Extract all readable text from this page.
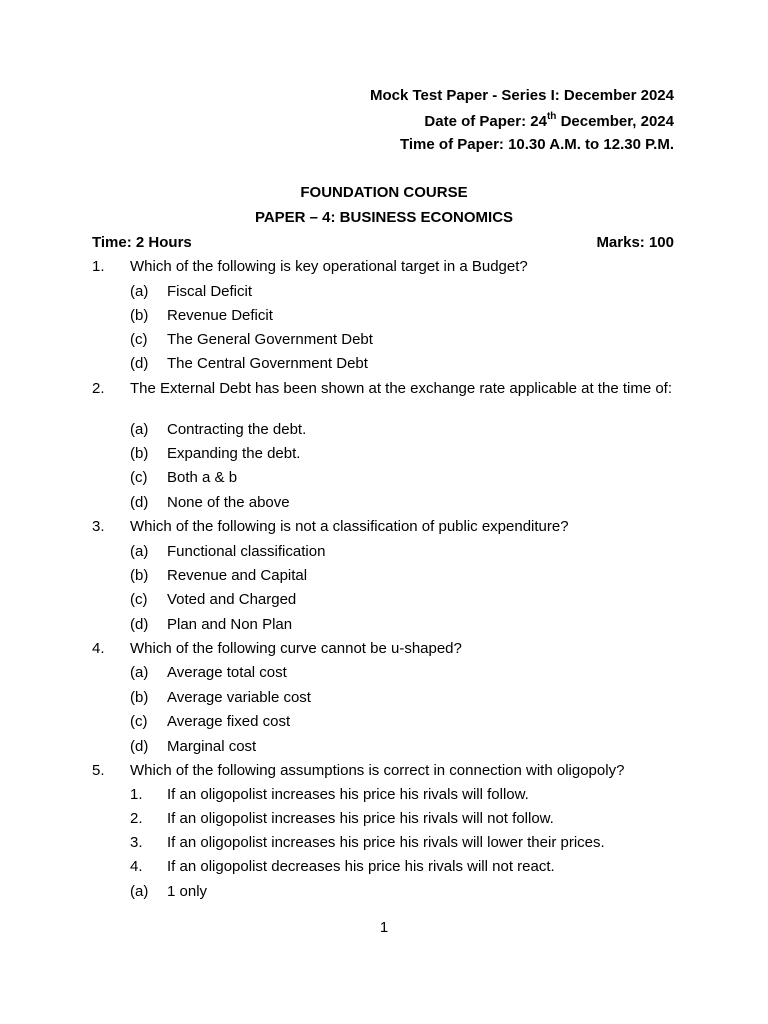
Mock Test Paper - Series I: December 2024
Date of Paper: 24th December, 2024
Time of Paper: 10.30 A.M. to 12.30 P.M.
FOUNDATION COURSE
PAPER – 4: BUSINESS ECONOMICS
Time: 2 Hours	Marks: 100
1. Which of the following is key operational target in a Budget?
(a) Fiscal Deficit
(b) Revenue Deficit
(c) The General Government Debt
(d) The Central Government Debt
2. The External Debt has been shown at the exchange rate applicable at the time of:
(a) Contracting the debt.
(b) Expanding the debt.
(c) Both a & b
(d) None of the above
3. Which of the following is not a classification of public expenditure?
(a) Functional classification
(b) Revenue and Capital
(c) Voted and Charged
(d) Plan and Non Plan
4. Which of the following curve cannot be u-shaped?
(a) Average total cost
(b) Average variable cost
(c) Average fixed cost
(d) Marginal cost
5. Which of the following assumptions is correct in connection with oligopoly?
1. If an oligopolist increases his price his rivals will follow.
2. If an oligopolist increases his price his rivals will not follow.
3. If an oligopolist increases his price his rivals will lower their prices.
4. If an oligopolist decreases his price his rivals will not react.
(a) 1 only
1
